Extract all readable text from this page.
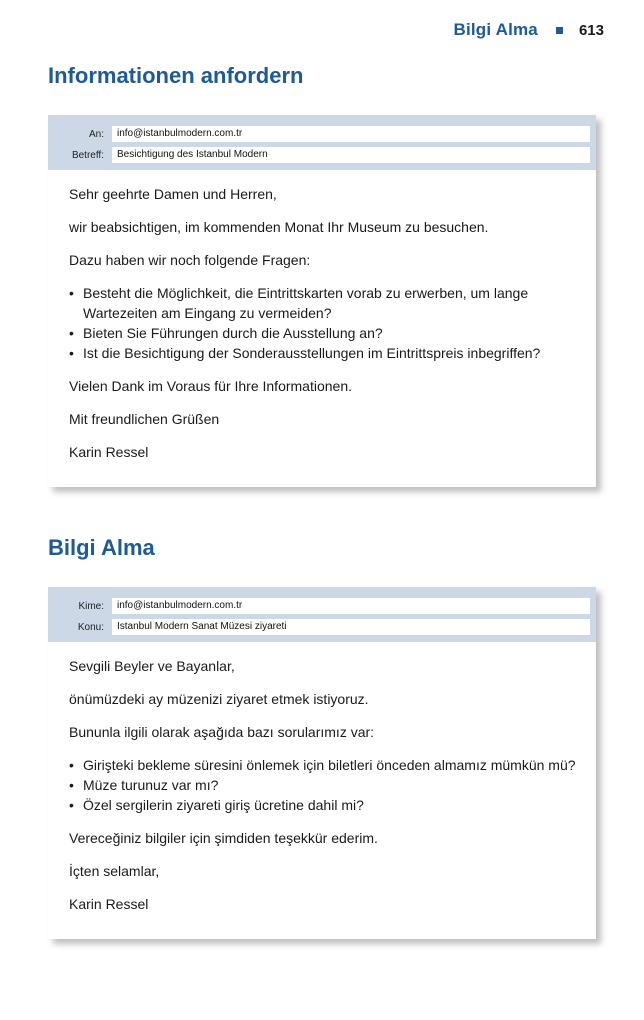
Bilgi Alma	613
Informationen anfordern
An:	info@istanbulmodern.com.tr
Betreff:	Besichtigung des Istanbul Modern

Sehr geehrte Damen und Herren,

wir beabsichtigen, im kommenden Monat Ihr Museum zu besuchen.

Dazu haben wir noch folgende Fragen:

• Besteht die Möglichkeit, die Eintrittskarten vorab zu erwerben, um lange Wartezeiten am Eingang zu vermeiden?
• Bieten Sie Führungen durch die Ausstellung an?
• Ist die Besichtigung der Sonderausstellungen im Eintrittspreis inbegriffen?

Vielen Dank im Voraus für Ihre Informationen.

Mit freundlichen Grüßen

Karin Ressel

Bilgi Alma
Kime:	info@istanbulmodern.com.tr
Konu:	Istanbul Modern Sanat Müzesi ziyareti

Sevgili Beyler ve Bayanlar,

önümüzdeki ay müzenizi ziyaret etmek istiyoruz.

Bununla ilgili olarak aşağıda bazı sorularımız var:

• Girişteki bekleme süresini önlemek için biletleri önceden almamız mümkün mü?
• Müze turunuz var mı?
• Özel sergilerin ziyareti giriş ücretine dahil mi?

Vereceğiniz bilgiler için şimdiden teşekkür ederim.

İçten selamlar,

Karin Ressel
